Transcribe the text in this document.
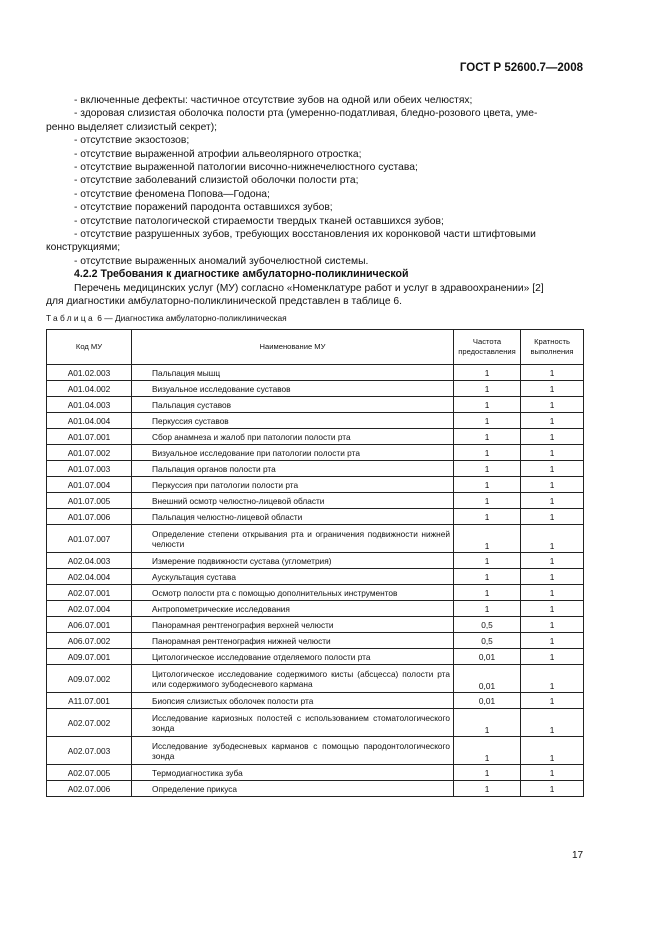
ГОСТ Р 52600.7—2008

- включенные дефекты: частичное отсутствие зубов на одной или обеих челюстях;

- здоровая слизистая оболочка полости рта (умеренно-податливая, бледно-розового цвета, уме-

ренно выделяет слизистый секрет);

- отсутствие экзостозов;

- отсутствие выраженной атрофии альвеолярного отростка;

- отсутствие выраженной патологии височно-нижнечелюстного сустава;

- отсутствие заболеваний слизистой оболочки полости рта;

- отсутствие феномена Попова—Годона;

- отсутствие поражений пародонта оставшихся зубов;

- отсутствие патологической стираемости твердых тканей оставшихся зубов;

- отсутствие разрушенных зубов, требующих восстановления их коронковой части штифтовыми

конструкциями;

- отсутствие выраженных аномалий зубочелюстной системы.

4.2.2 Требования к диагностике амбулаторно-поликлинической

Перечень медицинских услуг (МУ) согласно «Номенклатуре работ и услуг в здравоохранении» [2]

для диагностики амбулаторно-поликлинической представлен в таблице 6.

Таблица 6 — Диагностика амбулаторно-поликлиническая
Код МУ	Наименование МУ	Частота предоставления	Кратность выполнения
A01.02.003	Пальпация мышц	1	1
A01.04.002	Визуальное исследование суставов	1	1
A01.04.003	Пальпация суставов	1	1
A01.04.004	Перкуссия суставов	1	1
A01.07.001	Сбор анамнеза и жалоб при патологии полости рта	1	1
A01.07.002	Визуальное исследование при патологии полости рта	1	1
A01.07.003	Пальпация органов полости рта	1	1
A01.07.004	Перкуссия при патологии полости рта	1	1
A01.07.005	Внешний осмотр челюстно-лицевой области	1	1
A01.07.006	Пальпация челюстно-лицевой области	1	1
A01.07.007	Определение степени открывания рта и ограничения подвижности нижней челюсти	1	1
A02.04.003	Измерение подвижности сустава (углометрия)	1	1
A02.04.004	Аускультация сустава	1	1
A02.07.001	Осмотр полости рта с помощью дополнительных инструментов	1	1
A02.07.004	Антропометрические исследования	1	1
A06.07.001	Панорамная рентгенография верхней челюсти	0,5	1
A06.07.002	Панорамная рентгенография нижней челюсти	0,5	1
A09.07.001	Цитологическое исследование отделяемого полости рта	0,01	1
A09.07.002	Цитологическое исследование содержимого кисты (абсцесса) полости рта или содержимого зубодесневого кармана	0,01	1
A11.07.001	Биопсия слизистых оболочек полости рта	0,01	1
A02.07.002	Исследование кариозных полостей с использованием стоматологического зонда	1	1
A02.07.003	Исследование зубодесневых карманов с помощью пародонтологического зонда	1	1
A02.07.005	Термодиагностика зуба	1	1
A02.07.006	Определение прикуса	1	1
17
